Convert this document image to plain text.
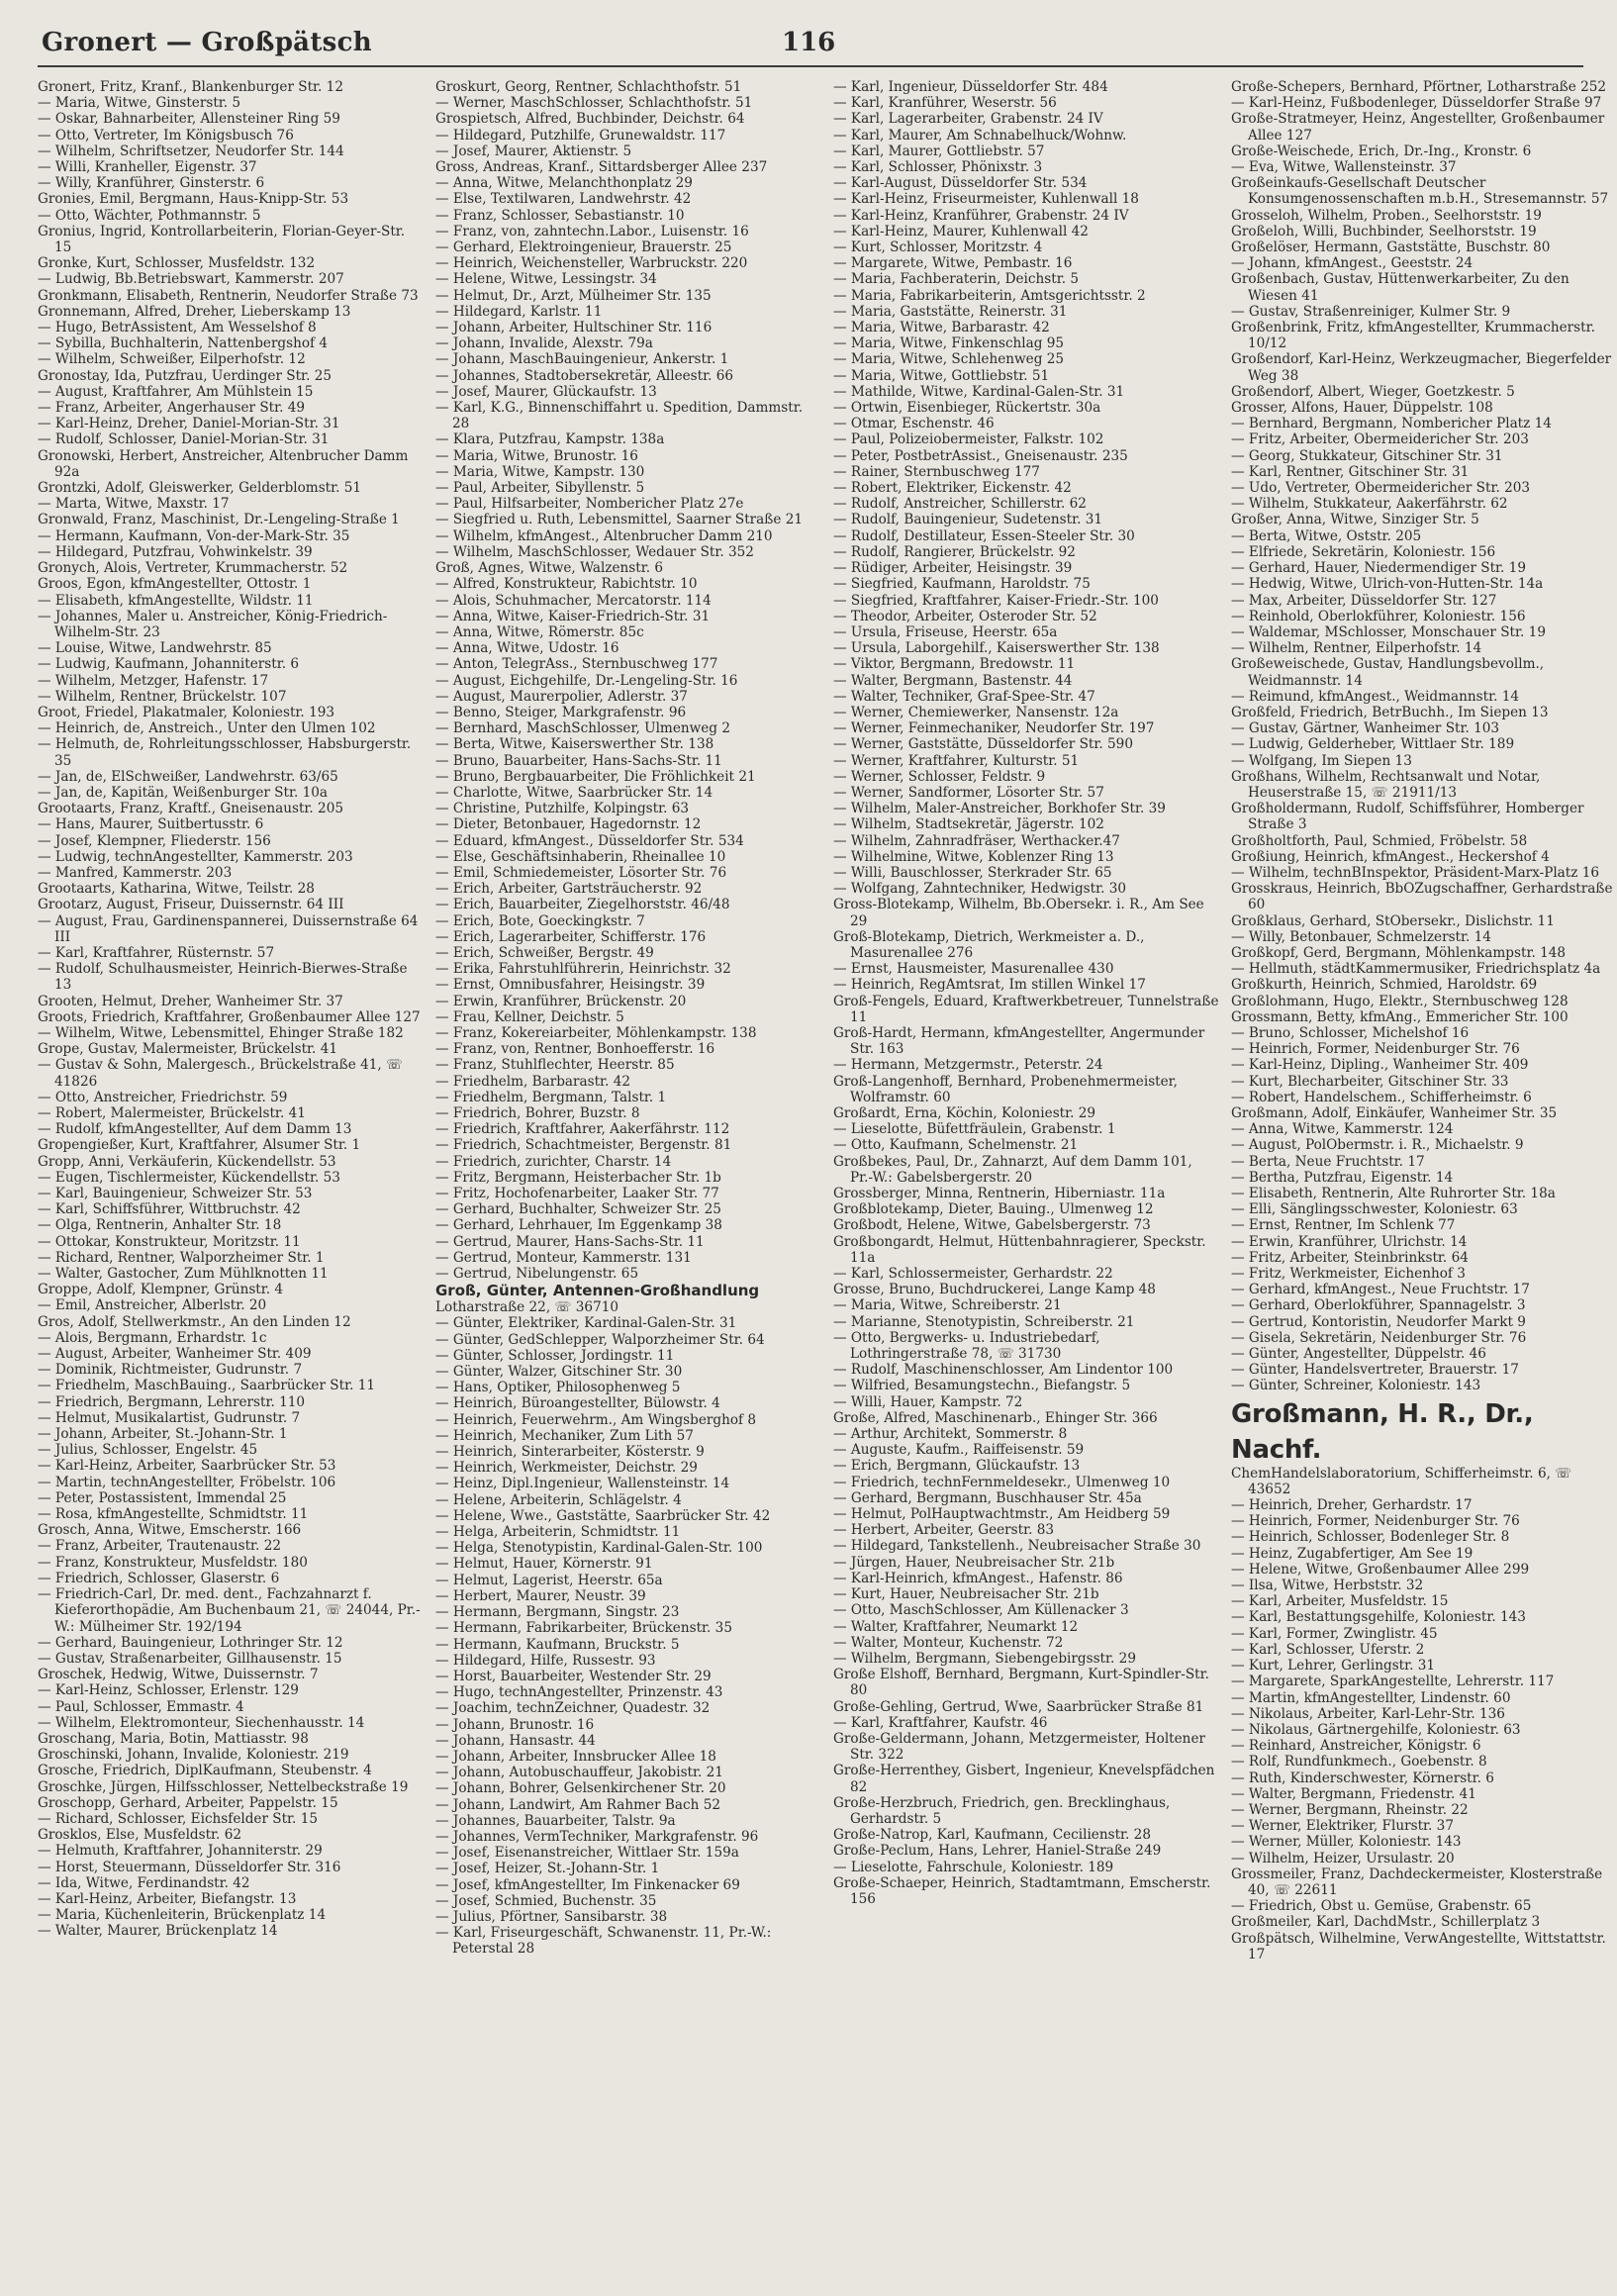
Gronert — Großpätsch	116
Gronert, Fritz, Kranf., Blankenburger Str. 12
— Maria, Witwe, Ginsterstr. 5
— Oskar, Bahnarbeiter, Allensteiner Ring 59
— Otto, Vertreter, Im Königsbusch 76
— Wilhelm, Schriftsetzer, Neudorfer Str. 144
— Willi, Kranheller, Eigenstr. 37
— Willy, Kranführer, Ginsterstr. 6
Gronies, Emil, Bergmann, Haus-Knipp-Str. 53
— Otto, Wächter, Pothmannstr. 5
Gronius, Ingrid, Kontrollarbeiterin, Florian-Geyer-Str. 15
Gronke, Kurt, Schlosser, Musfeldstr. 132
— Ludwig, Bb.Betriebswart, Kammerstr. 207
Gronkmann, Elisabeth, Rentnerin, Neudorfer Straße 73
Gronnemann, Alfred, Dreher, Lieberskamp 13
— Hugo, BetrAssistent, Am Wesselshof 8
— Sybilla, Buchhalterin, Nattenbergshof 4
— Wilhelm, Schweißer, Eilperhofstr. 12
Gronostay, Ida, Putzfrau, Uerdinger Str. 25
— August, Kraftfahrer, Am Mühlstein 15
— Franz, Arbeiter, Angerhauser Str. 49
— Karl-Heinz, Dreher, Daniel-Morian-Str. 31
— Rudolf, Schlosser, Daniel-Morian-Str. 31
Gronowski, Herbert, Anstreicher, Altenbrucher Damm 92a
Grontzki, Adolf, Gleiswerker, Gelderblomstr. 51
— Marta, Witwe, Maxstr. 17
Gronwald, Franz, Maschinist, Dr.-Lengeling-Straße 1
— Hermann, Kaufmann, Von-der-Mark-Str. 35
— Hildegard, Putzfrau, Vohwinkelstr. 39
Gronych, Alois, Vertreter, Krummacherstr. 52
Groos, Egon, kfmAngestellter, Ottostr. 1
— Elisabeth, kfmAngestellte, Wildstr. 11
— Johannes, Maler u. Anstreicher, König-Friedrich-Wilhelm-Str. 23
— Louise, Witwe, Landwehrstr. 85
— Ludwig, Kaufmann, Johanniterstr. 6
— Wilhelm, Metzger, Hafenstr. 17
— Wilhelm, Rentner, Brückelstr. 107
Groot, Friedel, Plakatmaler, Koloniestr. 193
— Heinrich, de, Anstreich., Unter den Ulmen 102
— Helmuth, de, Rohrleitungsschlosser, Habsburgerstr. 35
— Jan, de, ElSchweißer, Landwehrstr. 63/65
— Jan, de, Kapitän, Weißenburger Str. 10a
Grootaarts, Franz, Kraftf., Gneisenaustr. 205
— Hans, Maurer, Suitbertusstr. 6
— Josef, Klempner, Fliederstr. 156
— Ludwig, technAngestellter, Kammerstr. 203
— Manfred, Kammerstr. 203
Grootaarts, Katharina, Witwe, Teilstr. 28
Grootarz, August, Friseur, Duissernstr. 64 III
— August, Frau, Gardinenspannerei, Duissernstraße 64 III
— Karl, Kraftfahrer, Rüsternstr. 57
— Rudolf, Schulhausmeister, Heinrich-Bierwes-Straße 13
Grooten, Helmut, Dreher, Wanheimer Str. 37
Groots, Friedrich, Kraftfahrer, Großenbaumer Allee 127
— Wilhelm, Witwe, Lebensmittel, Ehinger Straße 182
Grope, Gustav, Malermeister, Brückelstr. 41
— Gustav & Sohn, Malergesch., Brückelstraße 41, ☏ 41826
— Otto, Anstreicher, Friedrichstr. 59
— Robert, Malermeister, Brückelstr. 41
— Rudolf, kfmAngestellter, Auf dem Damm 13
Gropengießer, Kurt, Kraftfahrer, Alsumer Str. 1
Gropp, Anni, Verkäuferin, Kückendellstr. 53
— Eugen, Tischlermeister, Kückendellstr. 53
— Karl, Bauingenieur, Schweizer Str. 53
— Karl, Schiffsführer, Wittbruchstr. 42
— Olga, Rentnerin, Anhalter Str. 18
— Ottokar, Konstrukteur, Moritzstr. 11
— Richard, Rentner, Walporzheimer Str. 1
— Walter, Gastocher, Zum Mühlknotten 11
Groppe, Adolf, Klempner, Grünstr. 4
— Emil, Anstreicher, Alberlstr. 20
Gros, Adolf, Stellwerkmstr., An den Linden 12
— Alois, Bergmann, Erhardstr. 1c
— August, Arbeiter, Wanheimer Str. 409
— Dominik, Richtmeister, Gudrunstr. 7
— Friedhelm, MaschBauing., Saarbrücker Str. 11
— Friedrich, Bergmann, Lehrerstr. 110
— Helmut, Musikalartist, Gudrunstr. 7
— Johann, Arbeiter, St.-Johann-Str. 1
— Julius, Schlosser, Engelstr. 45
— Karl-Heinz, Arbeiter, Saarbrücker Str. 53
— Martin, technAngestellter, Fröbelstr. 106
— Peter, Postassistent, Immendal 25
— Rosa, kfmAngestellte, Schmidtstr. 11
Grosch, Anna, Witwe, Emscherstr. 166
— Franz, Arbeiter, Trautenaustr. 22
— Franz, Konstrukteur, Musfeldstr. 180
— Friedrich, Schlosser, Glaserstr. 6
— Friedrich-Carl, Dr. med. dent., Fachzahnarzt f. Kieferorthopädie, Am Buchenbaum 21, ☏ 24044, Pr.-W.: Mülheimer Str. 192/194
— Gerhard, Bauingenieur, Lothringer Str. 12
— Gustav, Straßenarbeiter, Gillhausenstr. 15
Groschek, Hedwig, Witwe, Duissernstr. 7
— Karl-Heinz, Schlosser, Erlenstr. 129
— Paul, Schlosser, Emmastr. 4
— Wilhelm, Elektromonteur, Siechenhausstr. 14
Groschang, Maria, Botin, Mattiasstr. 98
Groschinski, Johann, Invalide, Koloniestr. 219
Grosche, Friedrich, DiplKaufmann, Steubenstr. 4
Groschke, Jürgen, Hilfsschlosser, Nettelbeckstraße 19
Groschopp, Gerhard, Arbeiter, Pappelstr. 15
— Richard, Schlosser, Eichsfelder Str. 15
Grosklos, Else, Musfeldstr. 62
— Helmuth, Kraftfahrer, Johanniterstr. 29
— Horst, Steuermann, Düsseldorfer Str. 316
— Ida, Witwe, Ferdinandstr. 42
— Karl-Heinz, Arbeiter, Biefangstr. 13
— Maria, Küchenleiterin, Brückenplatz 14
— Walter, Maurer, Brückenplatz 14
Groskurt, Georg, Rentner, Schlachthofstr. 51
— Werner, MaschSchlosser, Schlachthofstr. 51
Grospietsch, Alfred, Buchbinder, Deichstr. 64
— Hildegard, Putzhilfe, Grunewaldstr. 117
— Josef, Maurer, Aktienstr. 5
Gross, Andreas, Kranf., Sittardsberger Allee 237
— Anna, Witwe, Melanchthonplatz 29
— Else, Textilwaren, Landwehrstr. 42
— Franz, Schlosser, Sebastianstr. 10
— Franz, von, zahntechn.Labor., Luisenstr. 16
— Gerhard, Elektroingenieur, Brauerstr. 25
— Heinrich, Weichensteller, Warbruckstr. 220
— Helene, Witwe, Lessingstr. 34
— Helmut, Dr., Arzt, Mülheimer Str. 135
— Hildegard, Karlstr. 11
— Johann, Arbeiter, Hultschiner Str. 116
— Johann, Invalide, Alexstr. 79a
— Johann, MaschBauingenieur, Ankerstr. 1
— Johannes, Stadtobersekretär, Alleestr. 66
— Josef, Maurer, Glückaufstr. 13
— Karl, K.G., Binnenschiffahrt u. Spedition, Dammstr. 28
— Klara, Putzfrau, Kampstr. 138a
— Maria, Witwe, Brunostr. 16
— Maria, Witwe, Kampstr. 130
— Paul, Arbeiter, Sibyllenstr. 5
— Paul, Hilfsarbeiter, Nombericher Platz 27e
— Siegfried u. Ruth, Lebensmittel, Saarner Straße 21
— Wilhelm, kfmAngest., Altenbrucher Damm 210
— Wilhelm, MaschSchlosser, Wedauer Str. 352
Groß, Agnes, Witwe, Walzenstr. 6
— Alfred, Konstrukteur, Rabichtstr. 10
— Alois, Schuhmacher, Mercatorstr. 114
— Anna, Witwe, Kaiser-Friedrich-Str. 31
— Anna, Witwe, Römerstr. 85c
— Anna, Witwe, Udostr. 16
— Anton, TelegrAss., Sternbuschweg 177
— August, Eichgehilfe, Dr.-Lengeling-Str. 16
— August, Maurerpolier, Adlerstr. 37
— Benno, Steiger, Markgrafenstr. 96
— Bernhard, MaschSchlosser, Ulmenweg 2
— Berta, Witwe, Kaiserswerther Str. 138
— Bruno, Bauarbeiter, Hans-Sachs-Str. 11
— Bruno, Bergbauarbeiter, Die Fröhlichkeit 21
— Charlotte, Witwe, Saarbrücker Str. 14
— Christine, Putzhilfe, Kolpingstr. 63
— Dieter, Betonbauer, Hagedornstr. 12
— Eduard, kfmAngest., Düsseldorfer Str. 534
— Else, Geschäftsinhaberin, Rheinallee 10
— Emil, Schmiedemeister, Lösorter Str. 76
— Erich, Arbeiter, Gartsträucherstr. 92
— Erich, Bauarbeiter, Ziegelhorststr. 46/48
— Erich, Bote, Goeckingkstr. 7
— Erich, Lagerarbeiter, Schifferstr. 176
— Erich, Schweißer, Bergstr. 49
— Erika, Fahrstuhlführerin, Heinrichstr. 32
— Ernst, Omnibusfahrer, Heisingstr. 39
— Erwin, Kranführer, Brückenstr. 20
— Frau, Kellner, Deichstr. 5
— Franz, Kokereiarbeiter, Möhlenkampstr. 138
— Franz, von, Rentner, Bonhoefferstr. 16
— Franz, Stuhlflechter, Heerstr. 85
— Friedhelm, Barbarastr. 42
— Friedhelm, Bergmann, Talstr. 1
— Friedrich, Bohrer, Buzstr. 8
— Friedrich, Kraftfahrer, Aakerfährstr. 112
— Friedrich, Schachtmeister, Bergenstr. 81
— Friedrich, zurichter, Charstr. 14
— Fritz, Bergmann, Heisterbacher Str. 1b
— Fritz, Hochofenarbeiter, Laaker Str. 77
— Gerhard, Buchhalter, Schweizer Str. 25
— Gerhard, Lehrhauer, Im Eggenkamp 38
— Gertrud, Maurer, Hans-Sachs-Str. 11
— Gertrud, Monteur, Kammerstr. 131
— Gertrud, Nibelungenstr. 65
Groß, Günter, Antennen-Großhandlung
Lotharstraße 22, ☏ 36710
— Günter, Elektriker, Kardinal-Galen-Str. 31
— Günter, GedSchlepper, Walporzheimer Str. 64
— Günter, Schlosser, Jordingstr. 11
— Günter, Walzer, Gitschiner Str. 30
— Hans, Optiker, Philosophenweg 5
— Heinrich, Büroangestellter, Bülowstr. 4
— Heinrich, Feuerwehrm., Am Wingsberghof 8
— Heinrich, Mechaniker, Zum Lith 57
— Heinrich, Sinterarbeiter, Kösterstr. 9
— Heinrich, Werkmeister, Deichstr. 29
— Heinz, Dipl.Ingenieur, Wallensteinstr. 14
— Helene, Arbeiterin, Schlägelstr. 4
— Helene, Wwe., Gaststätte, Saarbrücker Str. 42
— Helga, Arbeiterin, Schmidtstr. 11
— Helga, Stenotypistin, Kardinal-Galen-Str. 100
— Helmut, Hauer, Körnerstr. 91
— Helmut, Lagerist, Heerstr. 65a
— Herbert, Maurer, Neustr. 39
— Hermann, Bergmann, Singstr. 23
— Hermann, Fabrikarbeiter, Brückenstr. 35
— Hermann, Kaufmann, Bruckstr. 5
— Hildegard, Hilfe, Russestr. 93
— Horst, Bauarbeiter, Westender Str. 29
— Hugo, technAngestellter, Prinzenstr. 43
— Joachim, technZeichner, Quadestr. 32
— Johann, Brunostr. 16
— Johann, Hansastr. 44
— Johann, Arbeiter, Innsbrucker Allee 18
— Johann, Autobuschauffeur, Jakobistr. 21
— Johann, Bohrer, Gelsenkirchener Str. 20
— Johann, Landwirt, Am Rahmer Bach 52
— Johannes, Bauarbeiter, Talstr. 9a
— Johannes, VermTechniker, Markgrafenstr. 96
— Josef, Eisenanstreicher, Wittlaer Str. 159a
— Josef, Heizer, St.-Johann-Str. 1
— Josef, kfmAngestellter, Im Finkenacker 69
— Josef, Schmied, Buchenstr. 35
— Julius, Pförtner, Sansibarstr. 38
— Karl, Friseurgeschäft, Schwanenstr. 11, Pr.-W.: Peterstal 28
— Karl, Ingenieur, Düsseldorfer Str. 484
— Karl, Kranführer, Weserstr. 56
— Karl, Lagerarbeiter, Grabenstr. 24 IV
— Karl, Maurer, Am Schnabelhuck/Wohnw.
— Karl, Maurer, Gottliebstr. 57
— Karl, Schlosser, Phönixstr. 3
— Karl-August, Düsseldorfer Str. 534
— Karl-Heinz, Friseurmeister, Kuhlenwall 18
— Karl-Heinz, Kranführer, Grabenstr. 24 IV
— Karl-Heinz, Maurer, Kuhlenwall 42
— Kurt, Schlosser, Moritzstr. 4
— Margarete, Witwe, Pembastr. 16
— Maria, Fachberaterin, Deichstr. 5
— Maria, Fabrikarbeiterin, Amtsgerichtsstr. 2
— Maria, Gaststätte, Reinerstr. 31
— Maria, Witwe, Barbarastr. 42
— Maria, Witwe, Finkenschlag 95
— Maria, Witwe, Schlehenweg 25
— Maria, Witwe, Gottliebstr. 51
— Mathilde, Witwe, Kardinal-Galen-Str. 31
— Ortwin, Eisenbieger, Rückertstr. 30a
— Otmar, Eschenstr. 46
— Paul, Polizeiobermeister, Falkstr. 102
— Peter, PostbetrAssist., Gneisenaustr. 235
— Rainer, Sternbuschweg 177
— Robert, Elektriker, Eickenstr. 42
— Rudolf, Anstreicher, Schillerstr. 62
— Rudolf, Bauingenieur, Sudetenstr. 31
— Rudolf, Destillateur, Essen-Steeler Str. 30
— Rudolf, Rangierer, Brückelstr. 92
— Rüdiger, Arbeiter, Heisingstr. 39
— Siegfried, Kaufmann, Haroldstr. 75
— Siegfried, Kraftfahrer, Kaiser-Friedr.-Str. 100
— Theodor, Arbeiter, Osteroder Str. 52
— Ursula, Friseuse, Heerstr. 65a
— Ursula, Laborgehilf., Kaiserswerther Str. 138
— Viktor, Bergmann, Bredowstr. 11
— Walter, Bergmann, Bastenstr. 44
— Walter, Techniker, Graf-Spee-Str. 47
— Werner, Chemiewerker, Nansenstr. 12a
— Werner, Feinmechaniker, Neudorfer Str. 197
— Werner, Gaststätte, Düsseldorfer Str. 590
— Werner, Kraftfahrer, Kulturstr. 51
— Werner, Schlosser, Feldstr. 9
— Werner, Sandformer, Lösorter Str. 57
— Wilhelm, Maler-Anstreicher, Borkhofer Str. 39
— Wilhelm, Stadtsekretär, Jägerstr. 102
— Wilhelm, Zahnradfräser, Werthacker.47
— Wilhelmine, Witwe, Koblenzer Ring 13
— Willi, Bauschlosser, Sterkrader Str. 65
— Wolfgang, Zahntechniker, Hedwigstr. 30
Gross-Blotekamp, Wilhelm, Bb.Obersekr. i. R., Am See 29
Groß-Blotekamp, Dietrich, Werkmeister a. D., Masurenallee 276
— Ernst, Hausmeister, Masurenallee 430
— Heinrich, RegAmtsrat, Im stillen Winkel 17
Groß-Fengels, Eduard, Kraftwerkbetreuer, Tunnelstraße 11
Groß-Hardt, Hermann, kfmAngestellter, Angermunder Str. 163
— Hermann, Metzgermstr., Peterstr. 24
Groß-Langenhoff, Bernhard, Probenehmermeister, Wolframstr. 60
Großardt, Erna, Köchin, Koloniestr. 29
— Lieselotte, Büfettfräulein, Grabenstr. 1
— Otto, Kaufmann, Schelmenstr. 21
Großbekes, Paul, Dr., Zahnarzt, Auf dem Damm 101, Pr.-W.: Gabelsbergerstr. 20
Grossberger, Minna, Rentnerin, Hiberniastr. 11a
Großblotekamp, Dieter, Bauing., Ulmenweg 12
Großbodt, Helene, Witwe, Gabelsbergerstr. 73
Großbongardt, Helmut, Hüttenbahnragierer, Speckstr. 11a
— Karl, Schlossermeister, Gerhardstr. 22
Grosse, Bruno, Buchdruckerei, Lange Kamp 48
— Maria, Witwe, Schreiberstr. 21
— Marianne, Stenotypistin, Schreiberstr. 21
— Otto, Bergwerks- u. Industriebedarf, Lothringerstraße 78, ☏ 31730
— Rudolf, Maschinenschlosser, Am Lindentor 100
— Wilfried, Besamungstechn., Biefangstr. 5
— Willi, Hauer, Kampstr. 72
Große, Alfred, Maschinenarb., Ehinger Str. 366
— Arthur, Architekt, Sommerstr. 8
— Auguste, Kaufm., Raiffeisenstr. 59
— Erich, Bergmann, Glückaufstr. 13
— Friedrich, technFernmeldesekr., Ulmenweg 10
— Gerhard, Bergmann, Buschhauser Str. 45a
— Helmut, PolHauptwachtmstr., Am Heidberg 59
— Herbert, Arbeiter, Geerstr. 83
— Hildegard, Tankstellenh., Neubreisacher Straße 30
— Jürgen, Hauer, Neubreisacher Str. 21b
— Karl-Heinrich, kfmAngest., Hafenstr. 86
— Kurt, Hauer, Neubreisacher Str. 21b
— Otto, MaschSchlosser, Am Küllenacker 3
— Walter, Kraftfahrer, Neumarkt 12
— Walter, Monteur, Kuchenstr. 72
— Wilhelm, Bergmann, Siebengebirgsstr. 29
Große Elshoff, Bernhard, Bergmann, Kurt-Spindler-Str. 80
Große-Gehling, Gertrud, Wwe, Saarbrücker Straße 81
— Karl, Kraftfahrer, Kaufstr. 46
Große-Geldermann, Johann, Metzgermeister, Holtener Str. 322
Große-Herrenthey, Gisbert, Ingenieur, Knevelspfädchen 82
Große-Herzbruch, Friedrich, gen. Brecklinghaus, Gerhardstr. 5
Große-Natrop, Karl, Kaufmann, Cecilienstr. 28
Große-Peclum, Hans, Lehrer, Haniel-Straße 249
— Lieselotte, Fahrschule, Koloniestr. 189
Große-Schaeper, Heinrich, Stadtamtmann, Emscherstr. 156
Große-Schepers, Bernhard, Pförtner, Lotharstraße 252
— Karl-Heinz, Fußbodenleger, Düsseldorfer Straße 97
Große-Stratmeyer, Heinz, Angestellter, Großenbaumer Allee 127
Große-Weischede, Erich, Dr.-Ing., Kronstr. 6
— Eva, Witwe, Wallensteinstr. 37
Großeinkaufs-Gesellschaft Deutscher Konsumgenossenschaften m.b.H., Stresemannstr. 57
Grosseloh, Wilhelm, Proben., Seelhorststr. 19
Großeloh, Willi, Buchbinder, Seelhorststr. 19
Großelöser, Hermann, Gaststätte, Buschstr. 80
— Johann, kfmAngest., Geeststr. 24
Großenbach, Gustav, Hüttenwerkarbeiter, Zu den Wiesen 41
— Gustav, Straßenreiniger, Kulmer Str. 9
Großenbrink, Fritz, kfmAngestellter, Krummacherstr. 10/12
Großendorf, Karl-Heinz, Werkzeugmacher, Biegerfelder Weg 38
Großendorf, Albert, Wieger, Goetzkestr. 5
Grosser, Alfons, Hauer, Düppelstr. 108
— Bernhard, Bergmann, Nombericher Platz 14
— Fritz, Arbeiter, Obermeidericher Str. 203
— Georg, Stukkateur, Gitschiner Str. 31
— Karl, Rentner, Gitschiner Str. 31
— Udo, Vertreter, Obermeidericher Str. 203
— Wilhelm, Stukkateur, Aakerfährstr. 62
Großer, Anna, Witwe, Sinziger Str. 5
— Berta, Witwe, Oststr. 205
— Elfriede, Sekretärin, Koloniestr. 156
— Gerhard, Hauer, Niedermendiger Str. 19
— Hedwig, Witwe, Ulrich-von-Hutten-Str. 14a
— Max, Arbeiter, Düsseldorfer Str. 127
— Reinhold, Oberlokführer, Koloniestr. 156
— Waldemar, MSchlosser, Monschauer Str. 19
— Wilhelm, Rentner, Eilperhofstr. 14
Großeweischede, Gustav, Handlungsbevollm., Weidmannstr. 14
— Reimund, kfmAngest., Weidmannstr. 14
Großfeld, Friedrich, BetrBuchh., Im Siepen 13
— Gustav, Gärtner, Wanheimer Str. 103
— Ludwig, Gelderheber, Wittlaer Str. 189
— Wolfgang, Im Siepen 13
Großhans, Wilhelm, Rechtsanwalt und Notar, Heuserstraße 15, ☏ 21911/13
Großholdermann, Rudolf, Schiffsführer, Homberger Straße 3
Großholtforth, Paul, Schmied, Fröbelstr. 58
Großiung, Heinrich, kfmAngest., Heckershof 4
— Wilhelm, technBInspektor, Präsident-Marx-Platz 16
Grosskraus, Heinrich, BbOZugschaffner, Gerhardstraße 60
Großklaus, Gerhard, StObersekr., Dislichstr. 11
— Willy, Betonbauer, Schmelzerstr. 14
Großkopf, Gerd, Bergmann, Möhlenkampstr. 148
— Hellmuth, städtKammermusiker, Friedrichsplatz 4a
Großkurth, Heinrich, Schmied, Haroldstr. 69
Großlohmann, Hugo, Elektr., Sternbuschweg 128
Grossmann, Betty, kfmAng., Emmericher Str. 100
— Bruno, Schlosser, Michelshof 16
— Heinrich, Former, Neidenburger Str. 76
— Karl-Heinz, Dipling., Wanheimer Str. 409
— Kurt, Blecharbeiter, Gitschiner Str. 33
— Robert, Handelschem., Schifferheimstr. 6
Großmann, Adolf, Einkäufer, Wanheimer Str. 35
— Anna, Witwe, Kammerstr. 124
— August, PolObermstr. i. R., Michaelstr. 9
— Berta, Neue Fruchtstr. 17
— Bertha, Putzfrau, Eigenstr. 14
— Elisabeth, Rentnerin, Alte Ruhrorter Str. 18a
— Elli, Sänglingsschwester, Koloniestr. 63
— Ernst, Rentner, Im Schlenk 77
— Erwin, Kranführer, Ulrichstr. 14
— Fritz, Arbeiter, Steinbrinkstr. 64
— Fritz, Werkmeister, Eichenhof 3
— Gerhard, kfmAngest., Neue Fruchtstr. 17
— Gerhard, Oberlokführer, Spannagelstr. 3
— Gertrud, Kontoristin, Neudorfer Markt 9
— Gisela, Sekretärin, Neidenburger Str. 76
— Günter, Angestellter, Düppelstr. 46
— Günter, Handelsvertreter, Brauerstr. 17
— Günter, Schreiner, Koloniestr. 143
Großmann, H. R., Dr.,
Nachf.
ChemHandelslaboratorium, Schifferheimstr. 6, ☏ 43652
— Heinrich, Dreher, Gerhardstr. 17
— Heinrich, Former, Neidenburger Str. 76
— Heinrich, Schlosser, Bodenleger Str. 8
— Heinz, Zugabfertiger, Am See 19
— Helene, Witwe, Großenbaumer Allee 299
— Ilsa, Witwe, Herbststr. 32
— Karl, Arbeiter, Musfeldstr. 15
— Karl, Bestattungsgehilfe, Koloniestr. 143
— Karl, Former, Zwinglistr. 45
— Karl, Schlosser, Uferstr. 2
— Kurt, Lehrer, Gerlingstr. 31
— Margarete, SparkAngestellte, Lehrerstr. 117
— Martin, kfmAngestellter, Lindenstr. 60
— Nikolaus, Arbeiter, Karl-Lehr-Str. 136
— Nikolaus, Gärtnergehilfe, Koloniestr. 63
— Reinhard, Anstreicher, Königstr. 6
— Rolf, Rundfunkmech., Goebenstr. 8
— Ruth, Kinderschwester, Körnerstr. 6
— Walter, Bergmann, Friedenstr. 41
— Werner, Bergmann, Rheinstr. 22
— Werner, Elektriker, Flurstr. 37
— Werner, Müller, Koloniestr. 143
— Wilhelm, Heizer, Ursulastr. 20
Grossmeiler, Franz, Dachdeckermeister, Klosterstraße 40, ☏ 22611
— Friedrich, Obst u. Gemüse, Grabenstr. 65
Großmeiler, Karl, DachdMstr., Schillerplatz 3
Großpätsch, Wilhelmine, VerwAngestellte, Wittstattstr. 17
